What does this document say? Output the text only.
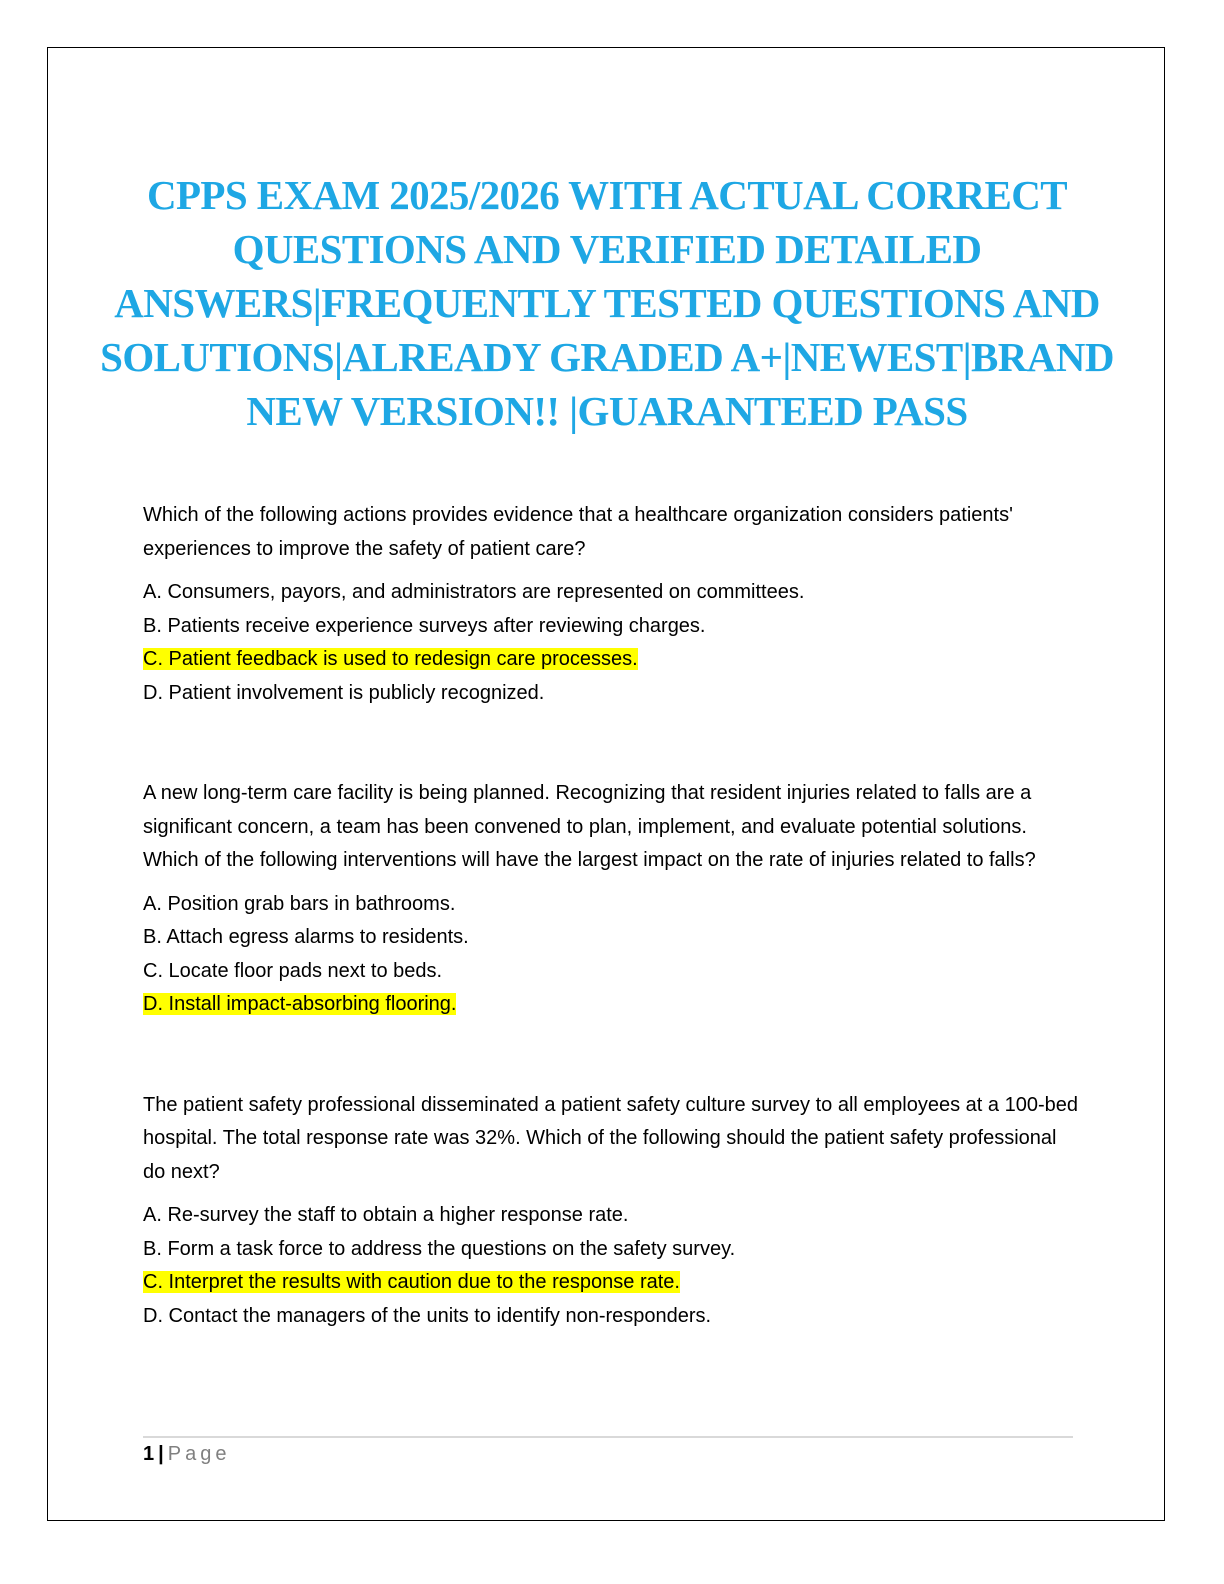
CPPS EXAM 2025/2026 WITH ACTUAL CORRECT QUESTIONS AND VERIFIED DETAILED ANSWERS|FREQUENTLY TESTED QUESTIONS AND SOLUTIONS|ALREADY GRADED A+|NEWEST|BRAND NEW VERSION!! |GUARANTEED PASS

Which of the following actions provides evidence that a healthcare organization considers patients' experiences to improve the safety of patient care?

A. Consumers, payors, and administrators are represented on committees.
B. Patients receive experience surveys after reviewing charges.
C. Patient feedback is used to redesign care processes.
D. Patient involvement is publicly recognized.

A new long-term care facility is being planned. Recognizing that resident injuries related to falls are a significant concern, a team has been convened to plan, implement, and evaluate potential solutions. Which of the following interventions will have the largest impact on the rate of injuries related to falls?

A. Position grab bars in bathrooms.
B. Attach egress alarms to residents.
C. Locate floor pads next to beds.
D. Install impact-absorbing flooring.

The patient safety professional disseminated a patient safety culture survey to all employees at a 100-bed hospital. The total response rate was 32%. Which of the following should the patient safety professional do next?

A. Re-survey the staff to obtain a higher response rate.
B. Form a task force to address the questions on the safety survey.
C. Interpret the results with caution due to the response rate.
D. Contact the managers of the units to identify non-responders.
1 | Page
